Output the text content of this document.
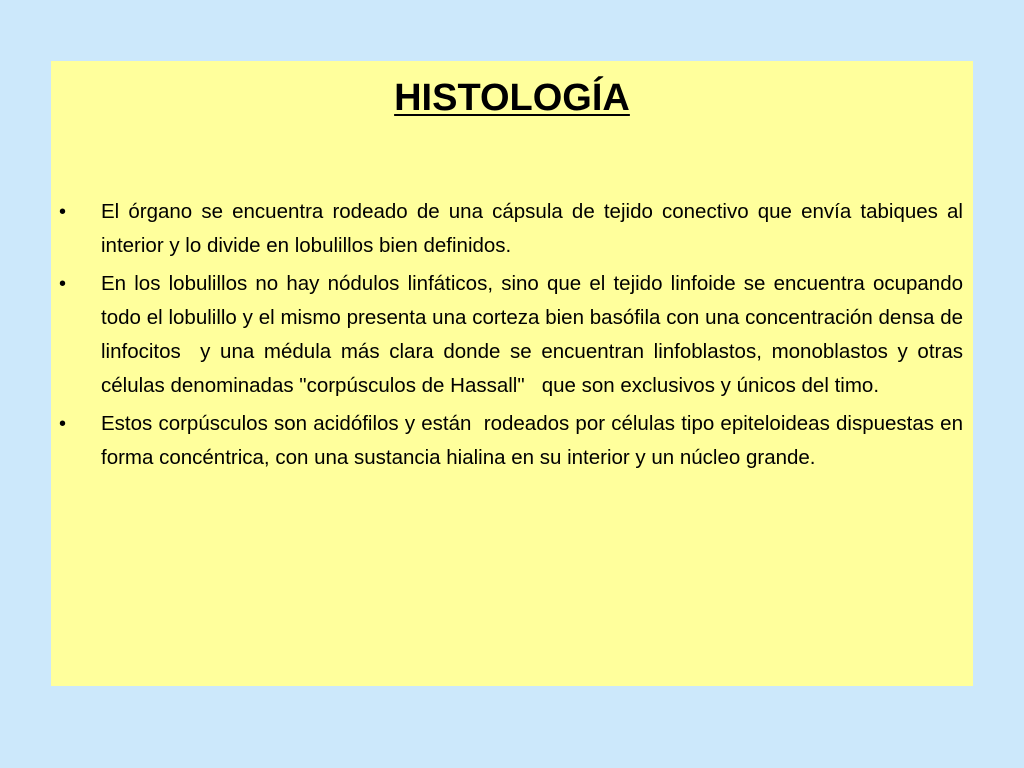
HISTOLOGÍA
• El órgano se encuentra rodeado de una cápsula de tejido conectivo que envía tabiques al interior y lo divide en lobulillos bien definidos.
• En los lobulillos no hay nódulos linfáticos, sino que el tejido linfoide se encuentra ocupando todo el lobulillo y el mismo presenta una corteza bien basófila con una concentración densa de linfocitos  y una médula más clara donde se encuentran linfoblastos, monoblastos y otras células denominadas "corpúsculos de Hassall"   que son exclusivos y únicos del timo.
• Estos corpúsculos son acidófilos y están  rodeados por células tipo epiteloideas dispuestas en forma concéntrica, con una sustancia hialina en su interior y un núcleo grande.
